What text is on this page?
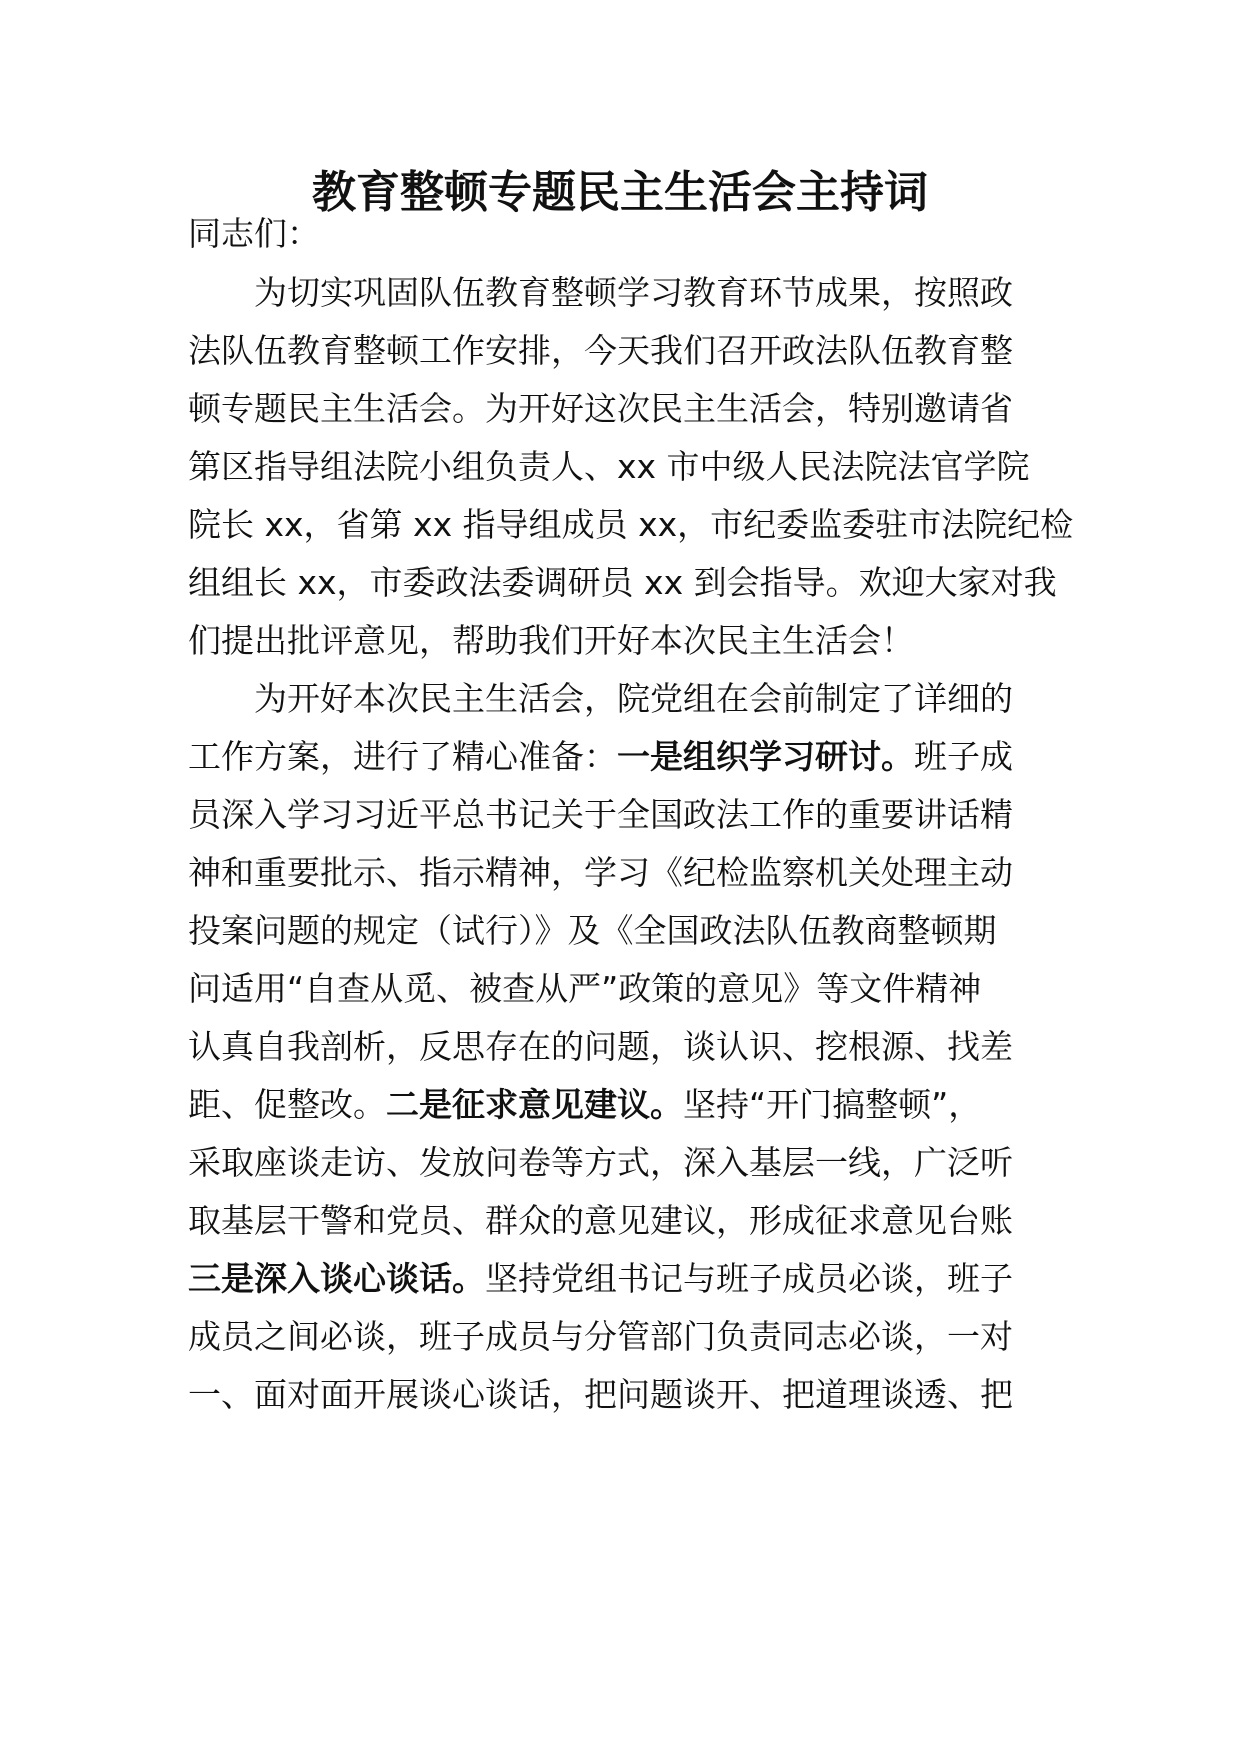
教育整顿专题民主生活会主持词

同志们：

　　为切实巩固队伍教育整顿学习教育环节成果，按照政

法队伍教育整顿工作安排，今天我们召开政法队伍教育整

顿专题民主生活会。为开好这次民主生活会，特别邀请省

第区指导组法院小组负责人、xx 市中级人民法院法官学院

院长 xx，省第 xx 指导组成员 xx，市纪委监委驻市法院纪检

组组长 xx，市委政法委调研员 xx 到会指导。欢迎大家对我

们提出批评意见，帮助我们开好本次民主生活会！

　　为开好本次民主生活会，院党组在会前制定了详细的

工作方案，进行了精心准备：一是组织学习研讨。班子成

员深入学习习近平总书记关于全国政法工作的重要讲话精

神和重要批示、指示精神，学习《纪检监察机关处理主动

投案问题的规定（试行）》及《全国政法队伍教商整顿期

问适用“自查从觅、被查从严”政策的意见》等文件精神

认真自我剖析，反思存在的问题，谈认识、挖根源、找差

距、促整改。二是征求意见建议。坚持“开门搞整顿”，

采取座谈走访、发放问卷等方式，深入基层一线，广泛听

取基层干警和党员、群众的意见建议，形成征求意见台账

三是深入谈心谈话。坚持党组书记与班子成员必谈，班子

成员之间必谈，班子成员与分管部门负责同志必谈，一对

一、面对面开展谈心谈话，把问题谈开、把道理谈透、把
